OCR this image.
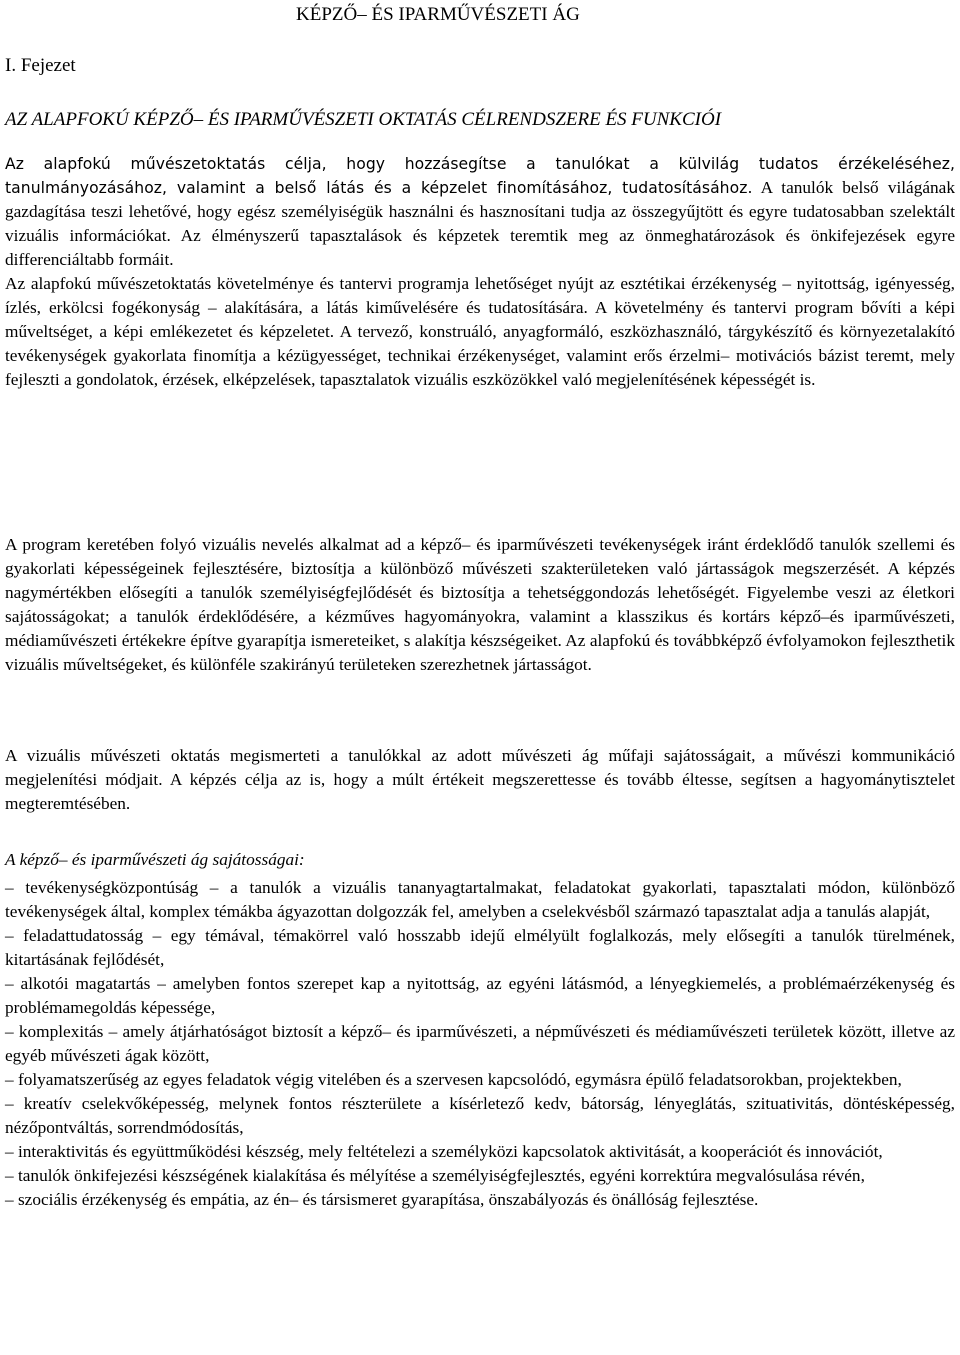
KÉPZŐ– ÉS IPARMŰVÉSZETI ÁG
I. Fejezet
AZ ALAPFOKÚ KÉPZŐ– ÉS IPARMŰVÉSZETI OKTATÁS CÉLRENDSZERE ÉS FUNKCIÓI

Az alapfokú művészetoktatás célja, hogy hozzásegítse a tanulókat a külvilág tudatos érzékeléséhez, tanulmányozásához, valamint a belső látás és a képzelet finomításához, tudatosításához. A tanulók belső világának gazdagítása teszi lehetővé, hogy egész személyiségük használni és hasznosítani tudja az összegyűjtött és egyre tudatosabban szelektált vizuális információkat. Az élményszerű tapasztalások és képzetek teremtik meg az önmeghatározások és önkifejezések egyre differenciáltabb formáit.

Az alapfokú művészetoktatás követelménye és tantervi programja lehetőséget nyújt az esztétikai érzékenység – nyitottság, igényesség, ízlés, erkölcsi fogékonyság – alakítására, a látás kiművelésére és tudatosítására. A követelmény és tantervi program bővíti a képi műveltséget, a képi emlékezetet és képzeletet. A tervező, konstruáló, anyagformáló, eszközhasználó, tárgykészítő és környezetalakító tevékenységek gyakorlata finomítja a kézügyességet, technikai érzékenységet, valamint erős érzelmi– motivációs bázist teremt, mely fejleszti a gondolatok, érzések, elképzelések, tapasztalatok vizuális eszközökkel való megjelenítésének képességét is.

A program keretében folyó vizuális nevelés alkalmat ad a képző– és iparművészeti tevékenységek iránt érdeklődő tanulók szellemi és gyakorlati képességeinek fejlesztésére, biztosítja a különböző művészeti szakterületeken való jártasságok megszerzését. A képzés nagymértékben elősegíti a tanulók személyiségfejlődését és biztosítja a tehetséggondozás lehetőségét. Figyelembe veszi az életkori sajátosságokat; a tanulók érdeklődésére, a kézműves hagyományokra, valamint a klasszikus és kortárs képző–és iparművészeti, médiaművészeti értékekre építve gyarapítja ismereteiket, s alakítja készségeiket. Az alapfokú és továbbképző évfolyamokon fejleszthetik vizuális műveltségeket, és különféle szakirányú területeken szerezhetnek jártasságot.

A vizuális művészeti oktatás megismerteti a tanulókkal az adott művészeti ág műfaji sajátosságait, a művészi kommunikáció megjelenítési módjait. A képzés célja az is, hogy a múlt értékeit megszerettesse és tovább éltesse, segítsen a hagyománytisztelet megteremtésében.

A képző– és iparművészeti ág sajátosságai:
– tevékenységközpontúság – a tanulók a vizuális tananyagtartalmakat, feladatokat gyakorlati, tapasztalati módon, különböző tevékenységek által, komplex témákba ágyazottan dolgozzák fel, amelyben a cselekvésből származó tapasztalat adja a tanulás alapját,
– feladattudatosság – egy témával, témakörrel való hosszabb idejű elmélyült foglalkozás, mely elősegíti a tanulók türelmének, kitartásának fejlődését,
– alkotói magatartás – amelyben fontos szerepet kap a nyitottság, az egyéni látásmód, a lényegkiemelés, a problémaérzékenység és problémamegoldás képessége,
– komplexitás – amely átjárhatóságot biztosít a képző– és iparművészeti, a népművészeti és médiaművészeti területek között, illetve az egyéb művészeti ágak között,
– folyamatszerűség az egyes feladatok végig vitelében és a szervesen kapcsolódó, egymásra épülő feladatsorokban, projektekben,
– kreatív cselekvőképesség, melynek fontos részterülete a kísérletező kedv, bátorság, lényeglátás, szituativitás, döntésképesség, nézőpontváltás, sorrendmódosítás,
– interaktivitás és együttműködési készség, mely feltételezi a személyközi kapcsolatok aktivitását, a kooperációt és innovációt,
– tanulók önkifejezési készségének kialakítása és mélyítése a személyiségfejlesztés, egyéni korrektúra megvalósulása révén,
– szociális érzékenység és empátia, az én– és társismeret gyarapítása, önszabályozás és önállóság fejlesztése.
